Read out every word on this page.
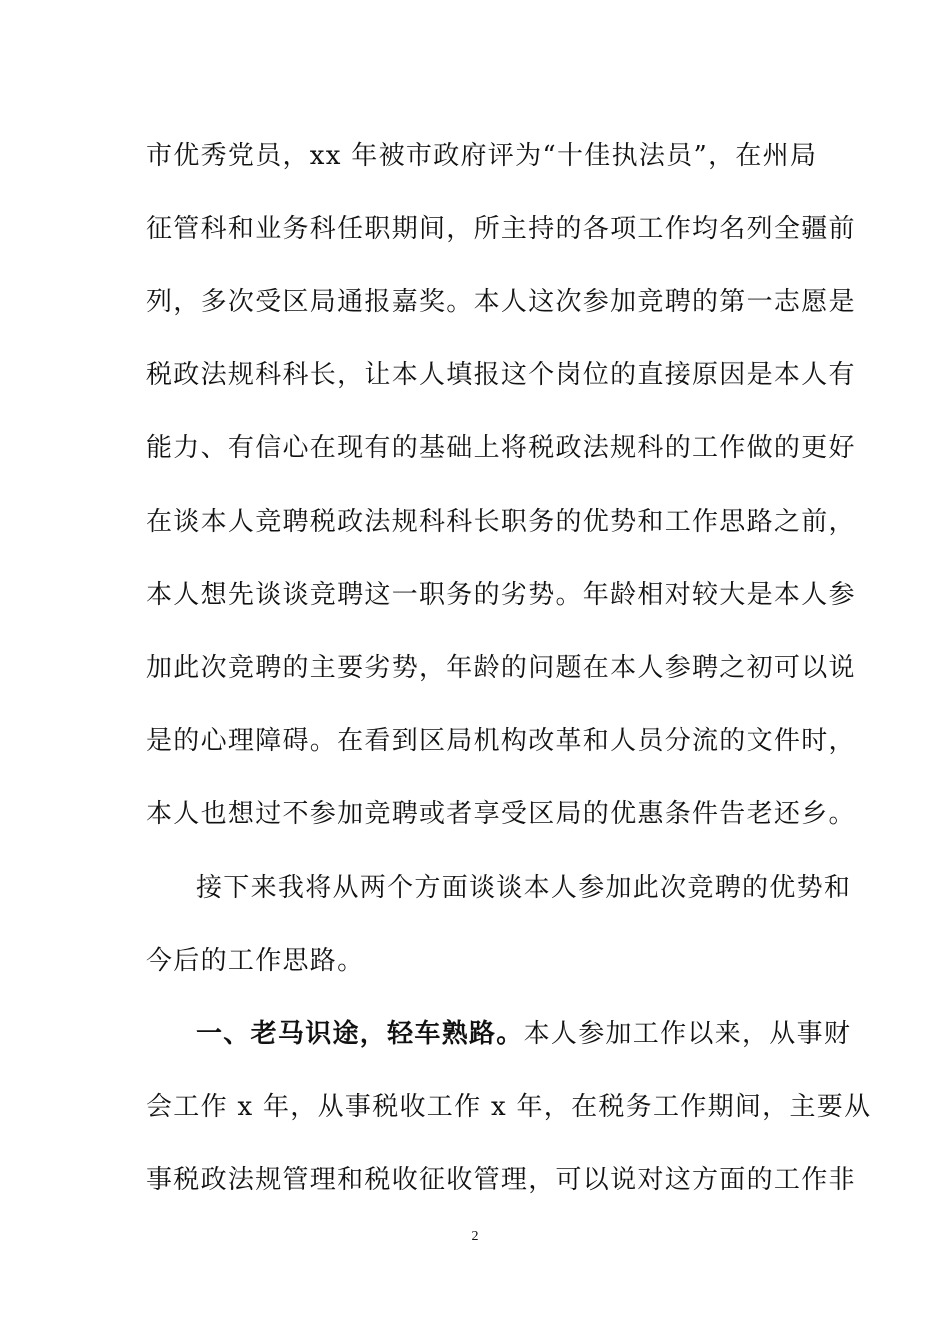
市优秀党员，xx 年被市政府评为“十佳执法员”，在州局
征管科和业务科任职期间，所主持的各项工作均名列全疆前
列，多次受区局通报嘉奖。本人这次参加竞聘的第一志愿是
税政法规科科长，让本人填报这个岗位的直接原因是本人有
能力、有信心在现有的基础上将税政法规科的工作做的更好
在谈本人竞聘税政法规科科长职务的优势和工作思路之前，
本人想先谈谈竞聘这一职务的劣势。年龄相对较大是本人参
加此次竞聘的主要劣势，年龄的问题在本人参聘之初可以说
是的心理障碍。在看到区局机构改革和人员分流的文件时，
本人也想过不参加竞聘或者享受区局的优惠条件告老还乡。
接下来我将从两个方面谈谈本人参加此次竞聘的优势和
今后的工作思路。
一、老马识途，轻车熟路。本人参加工作以来，从事财
会工作 x 年，从事税收工作 x 年，在税务工作期间，主要从
事税政法规管理和税收征收管理，可以说对这方面的工作非
2
